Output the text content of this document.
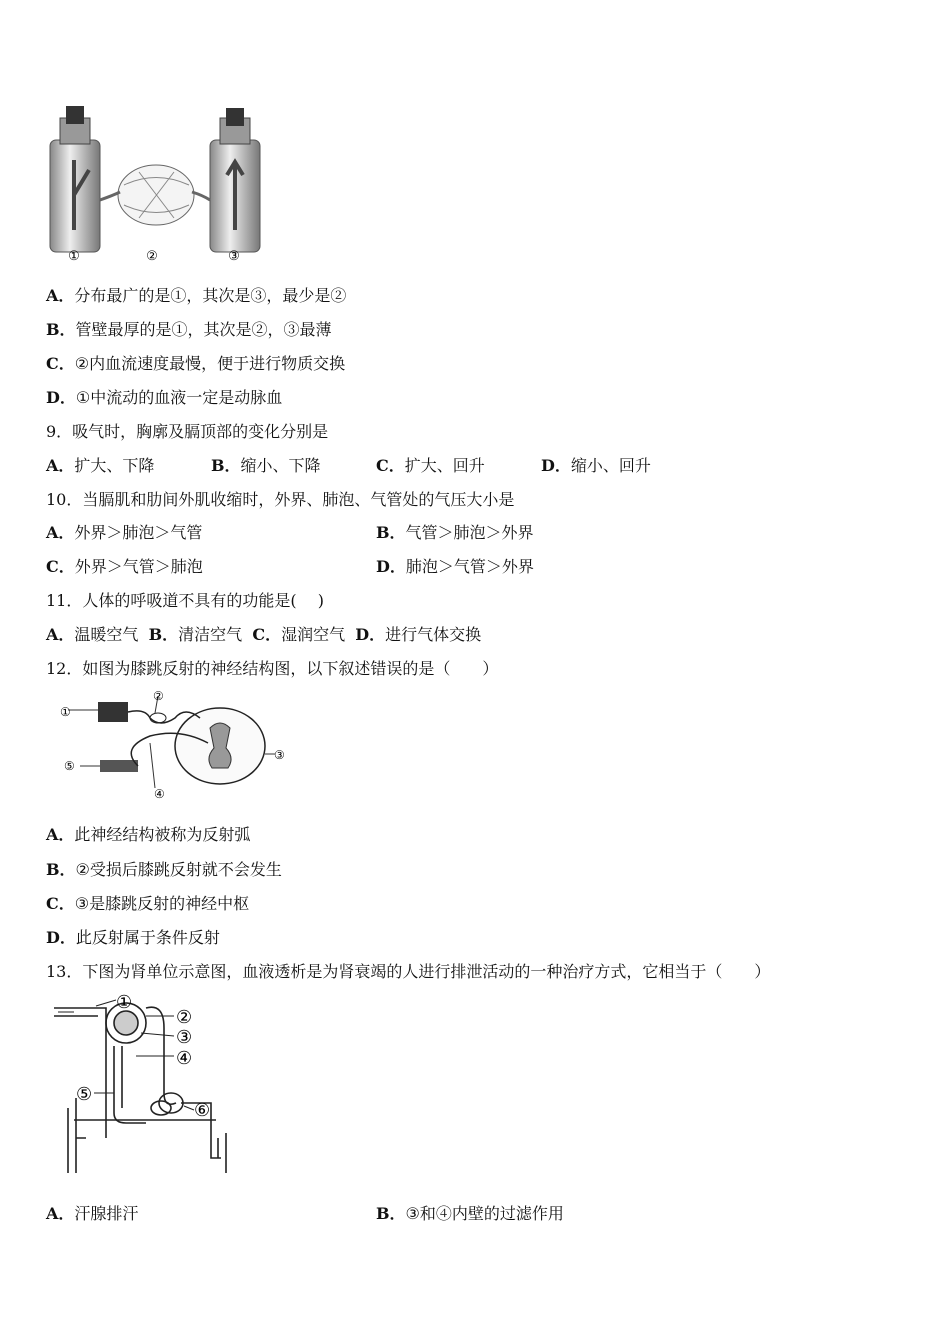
①	②	③
A．分布最广的是①，其次是③，最少是②
B．管壁最厚的是①，其次是②，③最薄
C．②内血流速度最慢，便于进行物质交换
D．①中流动的血液一定是动脉血
9．吸气时，胸廓及膈顶部的变化分别是
A．扩大、下降	B．缩小、下降	C．扩大、回升	D．缩小、回升
10．当膈肌和肋间外肌收缩时，外界、肺泡、气管处的气压大小是
A．外界＞肺泡＞气管	B．气管＞肺泡＞外界
C．外界＞气管＞肺泡	D．肺泡＞气管＞外界
11．人体的呼吸道不具有的功能是(　 )
A．温暖空气 B．清洁空气 C．湿润空气 D．进行气体交换
12．如图为膝跳反射的神经结构图，以下叙述错误的是（　　）
①
②
③
④
⑤
A．此神经结构被称为反射弧
B．②受损后膝跳反射就不会发生
C．③是膝跳反射的神经中枢
D．此反射属于条件反射
13．下图为肾单位示意图，血液透析是为肾衰竭的人进行排泄活动的一种治疗方式，它相当于（　　）
①
②
③
④
⑤
⑥
A．汗腺排汗	B．③和④内壁的过滤作用
